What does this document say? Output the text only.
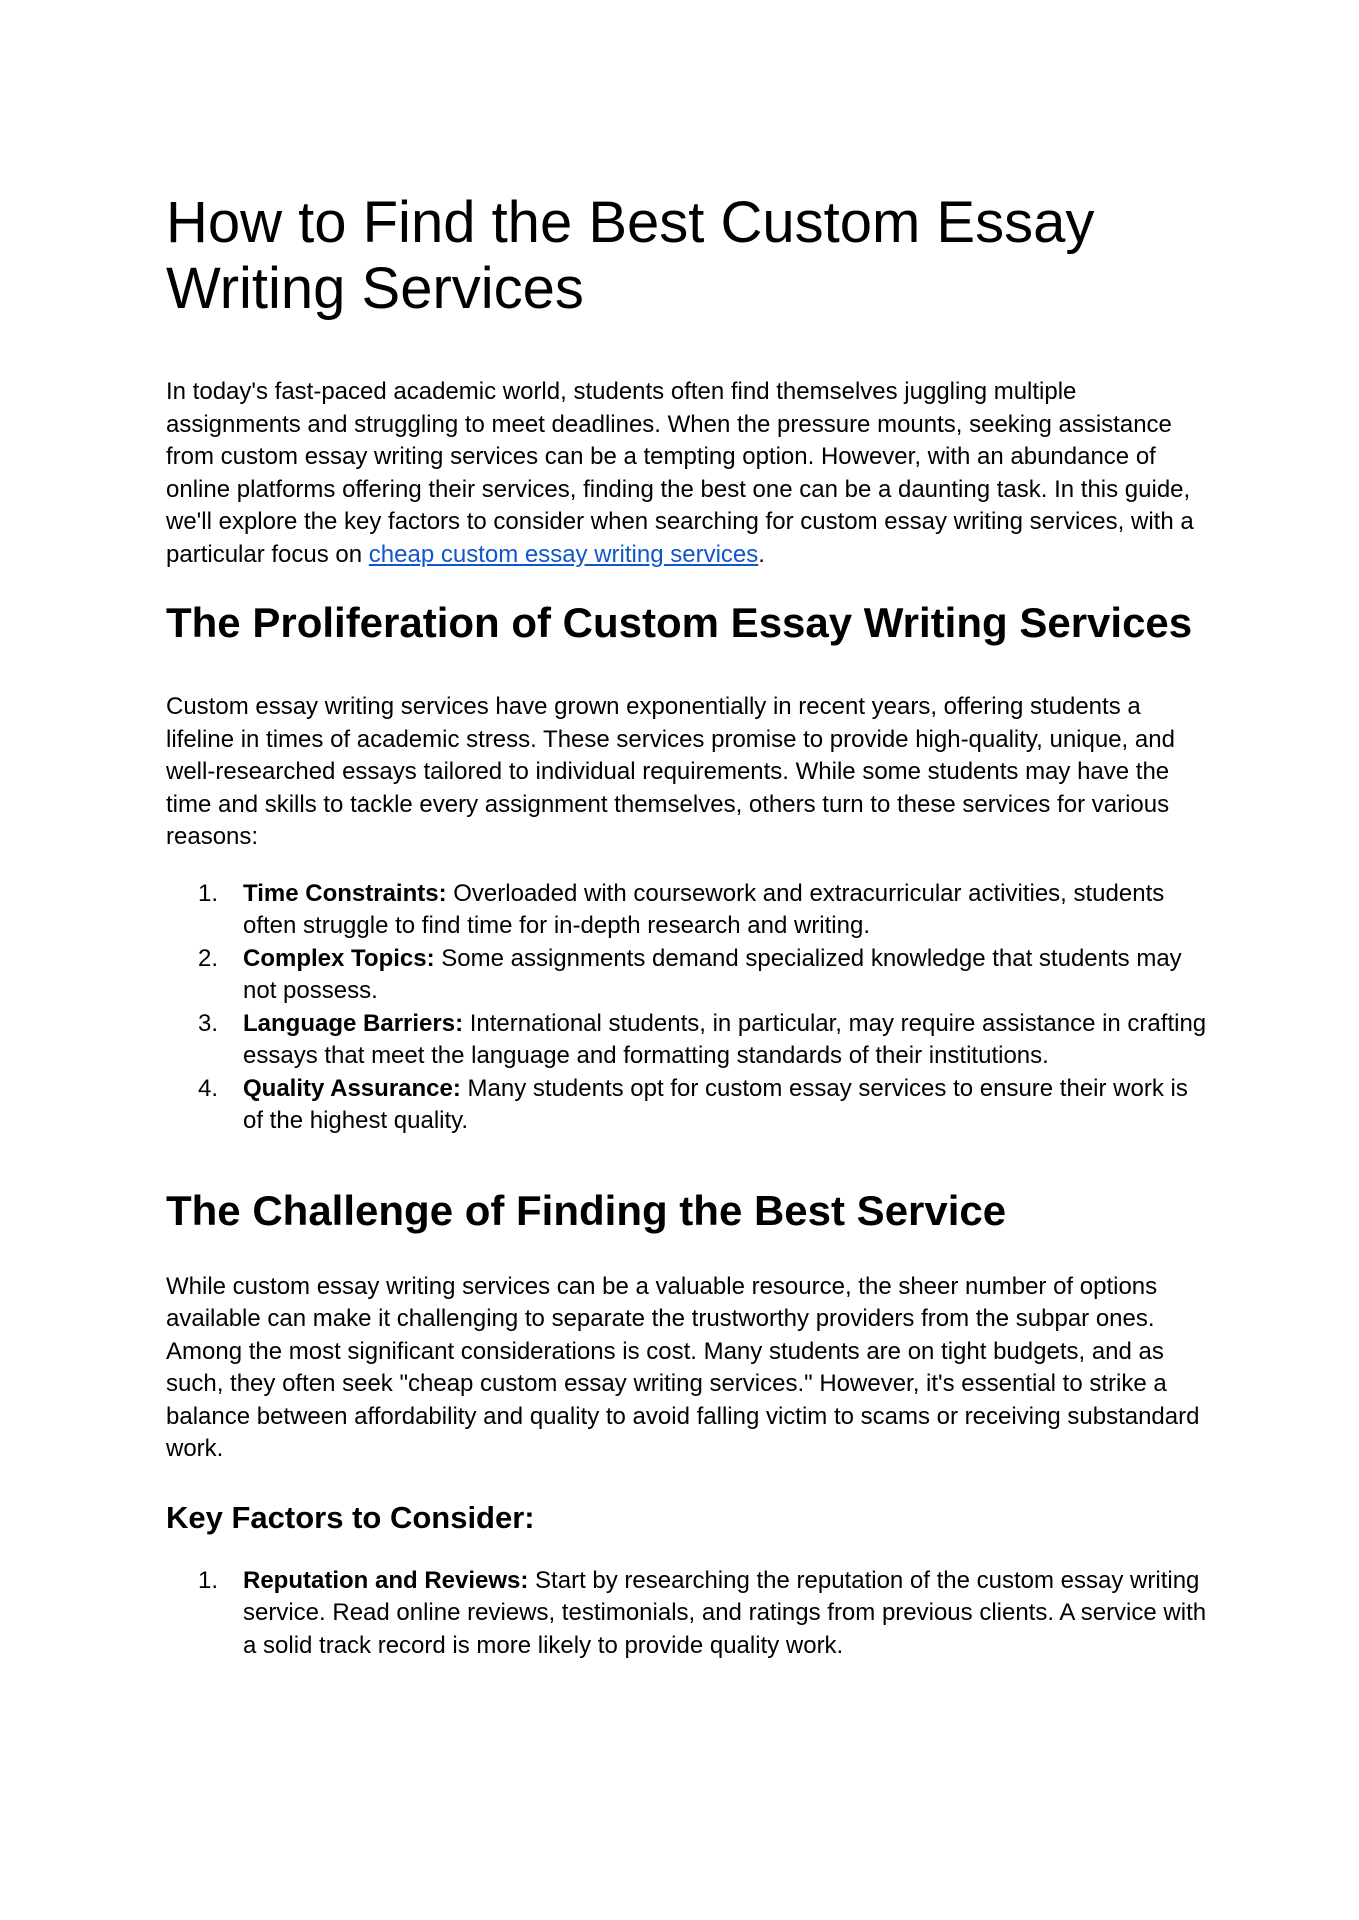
How to Find the Best Custom Essay Writing Services

In today's fast-paced academic world, students often find themselves juggling multiple assignments and struggling to meet deadlines. When the pressure mounts, seeking assistance from custom essay writing services can be a tempting option. However, with an abundance of online platforms offering their services, finding the best one can be a daunting task. In this guide, we'll explore the key factors to consider when searching for custom essay writing services, with a particular focus on cheap custom essay writing services.

The Proliferation of Custom Essay Writing Services

Custom essay writing services have grown exponentially in recent years, offering students a lifeline in times of academic stress. These services promise to provide high-quality, unique, and well-researched essays tailored to individual requirements. While some students may have the time and skills to tackle every assignment themselves, others turn to these services for various reasons:

1.	Time Constraints: Overloaded with coursework and extracurricular activities, students often struggle to find time for in-depth research and writing.
2.	Complex Topics: Some assignments demand specialized knowledge that students may not possess.
3.	Language Barriers: International students, in particular, may require assistance in crafting essays that meet the language and formatting standards of their institutions.
4.	Quality Assurance: Many students opt for custom essay services to ensure their work is of the highest quality.
The Challenge of Finding the Best Service

While custom essay writing services can be a valuable resource, the sheer number of options available can make it challenging to separate the trustworthy providers from the subpar ones. Among the most significant considerations is cost. Many students are on tight budgets, and as such, they often seek "cheap custom essay writing services." However, it's essential to strike a balance between affordability and quality to avoid falling victim to scams or receiving substandard work.

Key Factors to Consider:
1.	Reputation and Reviews: Start by researching the reputation of the custom essay writing service. Read online reviews, testimonials, and ratings from previous clients. A service with a solid track record is more likely to provide quality work.
